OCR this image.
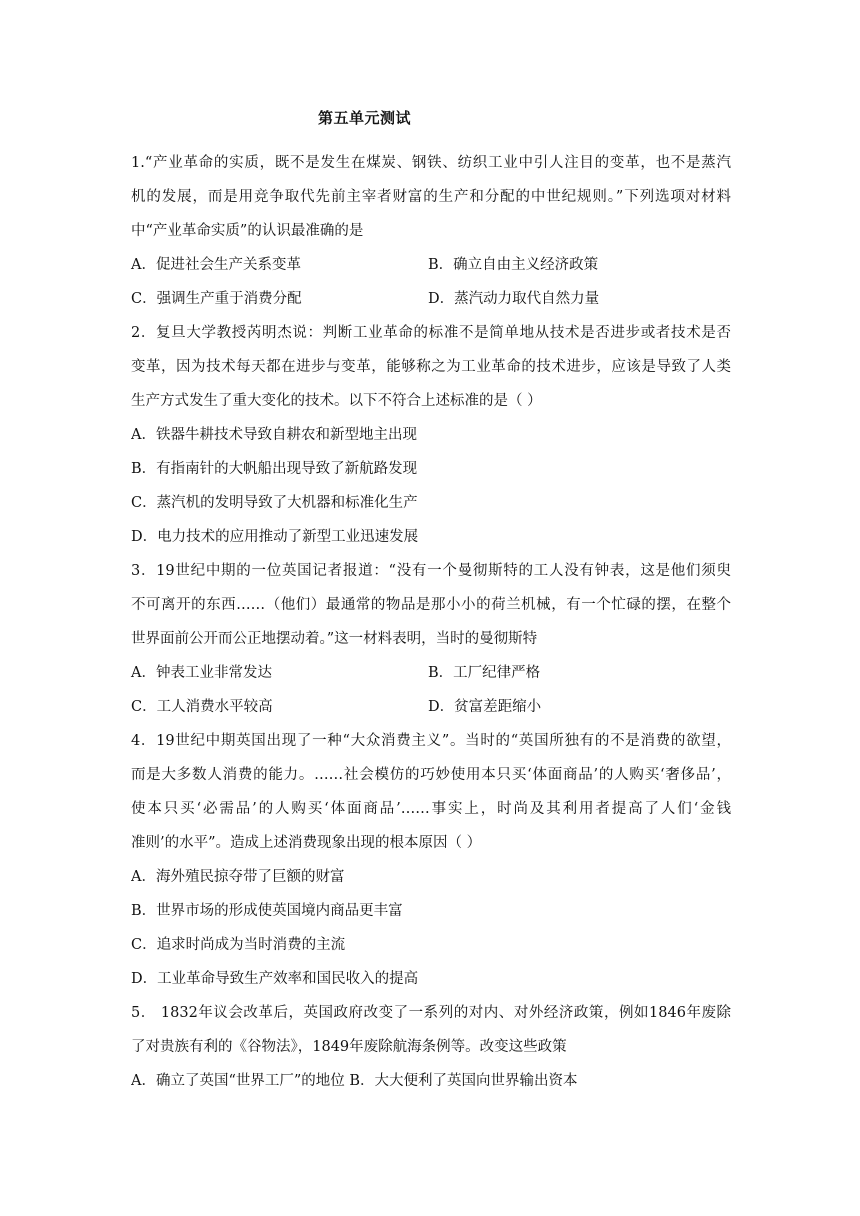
第五单元测试
1.“产业革命的实质，既不是发生在煤炭、钢铁、纺织工业中引人注目的变革，也不是蒸汽
机的发展，而是用竞争取代先前主宰者财富的生产和分配的中世纪规则。”下列选项对材料
中“产业革命实质”的认识最准确的是
A．促进社会生产关系变革	B．确立自由主义经济政策
C．强调生产重于消费分配	D．蒸汽动力取代自然力量
2．复旦大学教授芮明杰说：判断工业革命的标准不是简单地从技术是否进步或者技术是否
变革，因为技术每天都在进步与变革，能够称之为工业革命的技术进步，应该是导致了人类
生产方式发生了重大变化的技术。以下不符合上述标准的是（ ）
A．铁器牛耕技术导致自耕农和新型地主出现
B．有指南针的大帆船出现导致了新航路发现
C．蒸汽机的发明导致了大机器和标准化生产
D．电力技术的应用推动了新型工业迅速发展
3．19世纪中期的一位英国记者报道：“没有一个曼彻斯特的工人没有钟表，这是他们须臾
不可离开的东西……（他们）最通常的物品是那小小的荷兰机械，有一个忙碌的摆，在整个
世界面前公开而公正地摆动着。”这一材料表明，当时的曼彻斯特
A．钟表工业非常发达	B．工厂纪律严格
C．工人消费水平较高	D．贫富差距缩小
4．19世纪中期英国出现了一种“大众消费主义”。当时的“英国所独有的不是消费的欲望，
而是大多数人消费的能力。……社会模仿的巧妙使用本只买‘体面商品’的人购买‘奢侈品’，
使本只买‘必需品’的人购买‘体面商品’……事实上，时尚及其利用者提高了人们‘金钱
准则’的水平”。造成上述消费现象出现的根本原因（ ）
A．海外殖民掠夺带了巨额的财富
B．世界市场的形成使英国境内商品更丰富
C．追求时尚成为当时消费的主流
D．工业革命导致生产效率和国民收入的提高
5． 1832年议会改革后，英国政府改变了一系列的对内、对外经济政策，例如1846年废除
了对贵族有利的《谷物法》，1849年废除航海条例等。改变这些政策
A．确立了英国“世界工厂”的地位 B．大大便利了英国向世界输出资本
